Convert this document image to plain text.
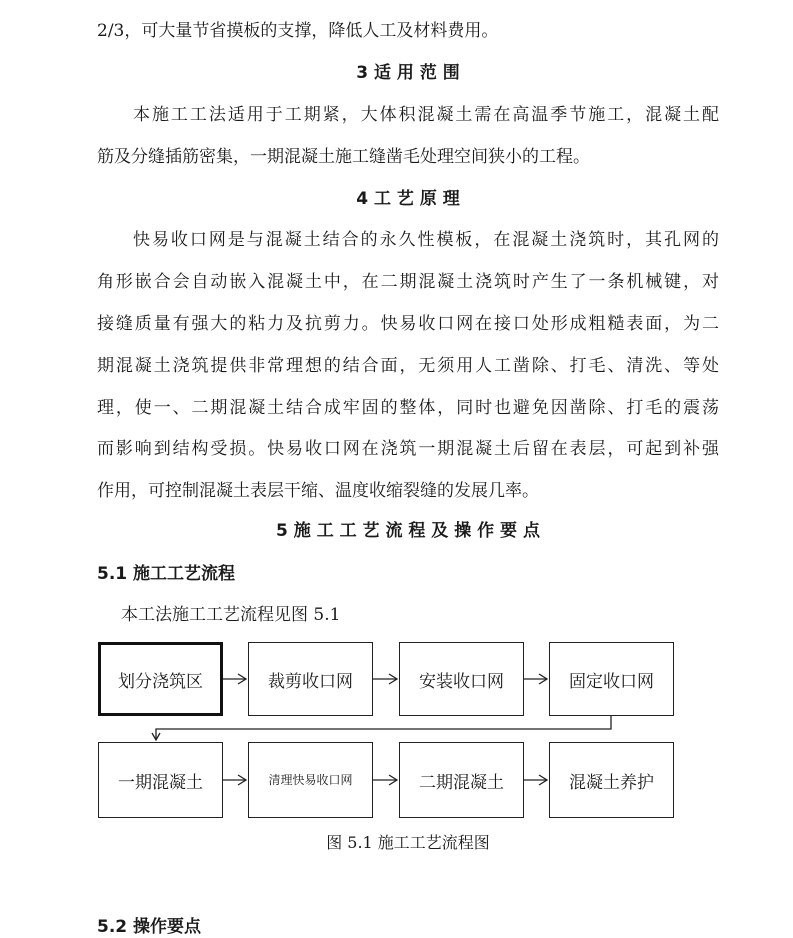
2/3，可大量节省摸板的支撑，降低人工及材料费用。
3 适 用 范 围
本施工工法适用于工期紧，大体积混凝土需在高温季节施工，混凝土配
筋及分缝插筋密集，一期混凝土施工缝凿毛处理空间狭小的工程。
4 工 艺 原 理
快易收口网是与混凝土结合的永久性模板，在混凝土浇筑时，其孔网的
角形嵌合会自动嵌入混凝土中，在二期混凝土浇筑时产生了一条机械键，对
接缝质量有强大的粘力及抗剪力。快易收口网在接口处形成粗糙表面，为二
期混凝土浇筑提供非常理想的结合面，无须用人工凿除、打毛、清洗、等处
理，使一、二期混凝土结合成牢固的整体，同时也避免因凿除、打毛的震荡
而影响到结构受损。快易收口网在浇筑一期混凝土后留在表层，可起到补强
作用，可控制混凝土表层干缩、温度收缩裂缝的发展几率。
5 施 工 工 艺 流 程 及 操 作 要 点
5.1 施工工艺流程
本工法施工工艺流程见图 5.1
划分浇筑区	裁剪收口网	安装收口网	固定收口网
一期混凝土	清理快易收口网	二期混凝土	混凝土养护
图 5.1 施工工艺流程图
5.2 操作要点
